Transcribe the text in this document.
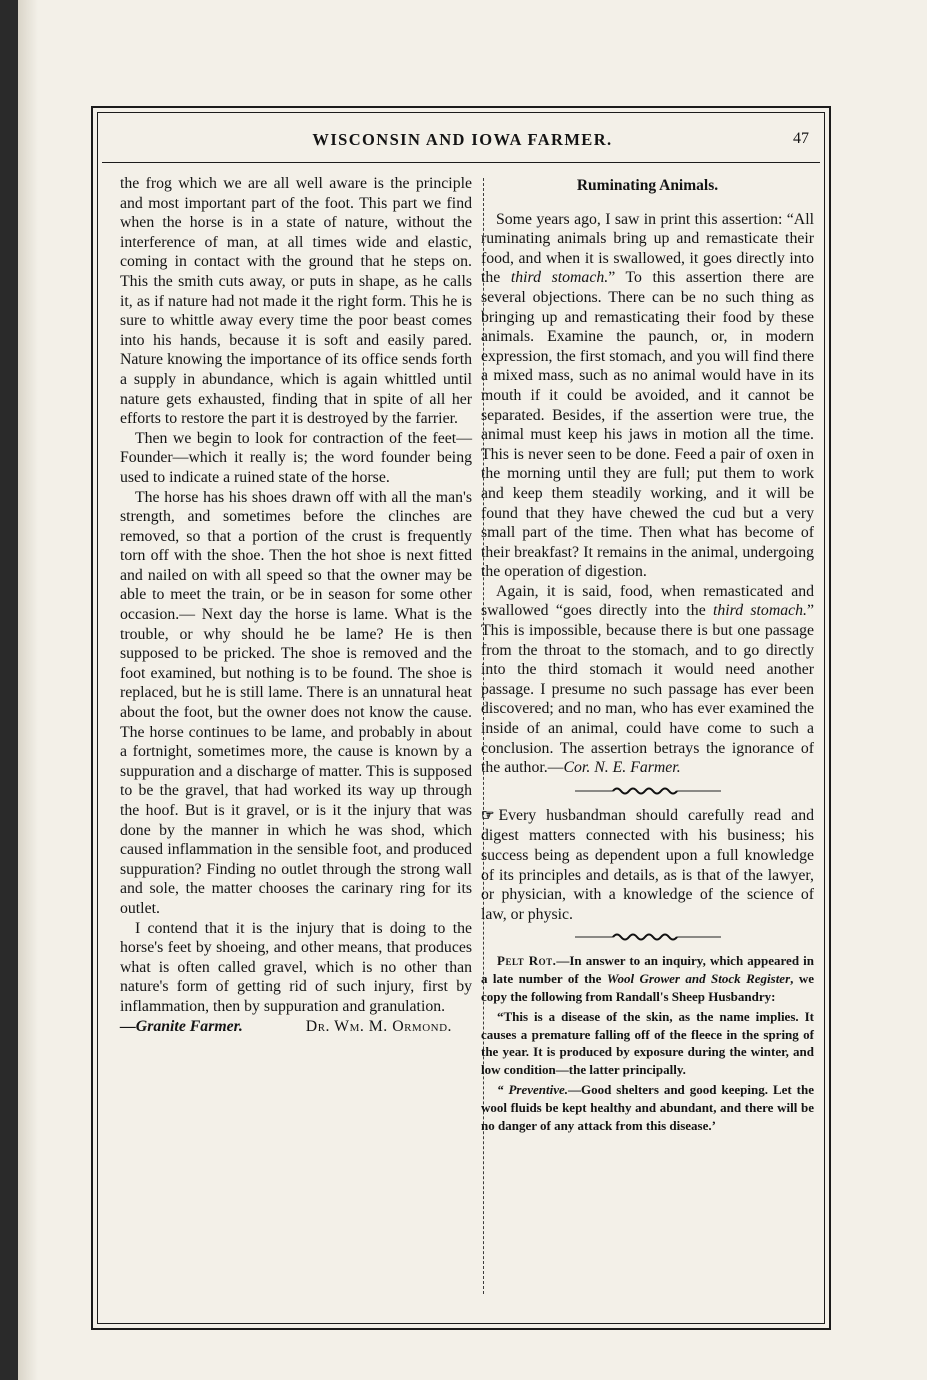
WISCONSIN AND IOWA FARMER.	47

the frog which we are all well aware is the principle and most important part of the foot. This part we find when the horse is in a state of nature, without the interference of man, at all times wide and elastic, coming in contact with the ground that he steps on. This the smith cuts away, or puts in shape, as he calls it, as if nature had not made it the right form. This he is sure to whittle away every time the poor beast comes into his hands, because it is soft and easily pared. Nature knowing the importance of its office sends forth a supply in abundance, which is again whittled until nature gets exhausted, finding that in spite of all her efforts to restore the part it is destroyed by the farrier.

Then we begin to look for contraction of the feet—Founder—which it really is; the word founder being used to indicate a ruined state of the horse.

The horse has his shoes drawn off with all the man's strength, and sometimes before the clinches are removed, so that a portion of the crust is frequently torn off with the shoe. Then the hot shoe is next fitted and nailed on with all speed so that the owner may be able to meet the train, or be in season for some other occasion.— Next day the horse is lame. What is the trouble, or why should he be lame? He is then supposed to be pricked. The shoe is removed and the foot examined, but nothing is to be found. The shoe is replaced, but he is still lame. There is an unnatural heat about the foot, but the owner does not know the cause. The horse continues to be lame, and probably in about a fortnight, sometimes more, the cause is known by a suppuration and a discharge of matter. This is supposed to be the gravel, that had worked its way up through the hoof. But is it gravel, or is it the injury that was done by the manner in which he was shod, which caused inflammation in the sensible foot, and produced suppuration? Finding no outlet through the strong wall and sole, the matter chooses the carinary ring for its outlet.

I contend that it is the injury that is doing to the horse's feet by shoeing, and other means, that produces what is often called gravel, which is no other than nature's form of getting rid of such injury, first by inflammation, then by suppuration and granulation.

Dr. Wm. M. Ormond.
—Granite Farmer.
Ruminating Animals.

Some years ago, I saw in print this assertion: “All ruminating animals bring up and remasticate their food, and when it is swallowed, it goes directly into the third stomach.” To this assertion there are several objections. There can be no such thing as bringing up and remasticating their food by these animals. Examine the paunch, or, in modern expression, the first stomach, and you will find there a mixed mass, such as no animal would have in its mouth if it could be avoided, and it cannot be separated. Besides, if the assertion were true, the animal must keep his jaws in motion all the time. This is never seen to be done. Feed a pair of oxen in the morning until they are full; put them to work and keep them steadily working, and it will be found that they have chewed the cud but a very small part of the time. Then what has become of their breakfast? It remains in the animal, undergoing the operation of digestion.

Again, it is said, food, when remasticated and swallowed “goes directly into the third stomach.” This is impossible, because there is but one passage from the throat to the stomach, and to go directly into the third stomach it would need another passage. I presume no such passage has ever been discovered; and no man, who has ever examined the inside of an animal, could have come to such a conclusion. The assertion betrays the ignorance of the author.—Cor. N. E. Farmer.

☞ Every husbandman should carefully read and digest matters connected with his business; his success being as dependent upon a full knowledge of its principles and details, as is that of the lawyer, or physician, with a knowledge of the science of law, or physic.

Pelt Rot.—In answer to an inquiry, which appeared in a late number of the Wool Grower and Stock Register, we copy the following from Randall's Sheep Husbandry:

“This is a disease of the skin, as the name implies. It causes a premature falling off of the fleece in the spring of the year. It is produced by exposure during the winter, and low condition—the latter principally.

“ Preventive.—Good shelters and good keeping. Let the wool fluids be kept healthy and abundant, and there will be no danger of any attack from this disease.’
